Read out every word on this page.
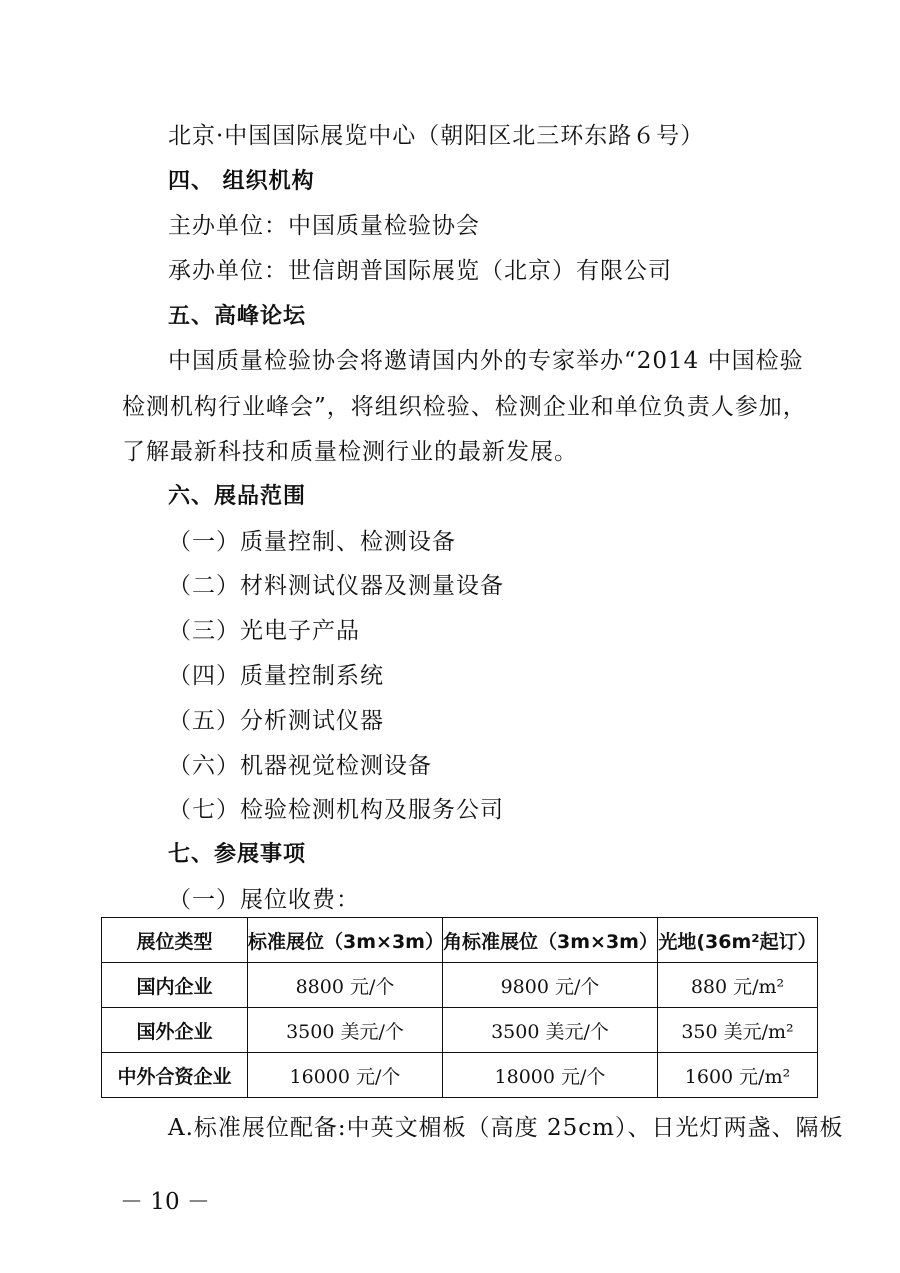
北京·中国国际展览中心（朝阳区北三环东路６号）
四、 组织机构
主办单位：中国质量检验协会
承办单位：世信朗普国际展览（北京）有限公司
五、高峰论坛
中国质量检验协会将邀请国内外的专家举办“2014 中国检验
检测机构行业峰会”，将组织检验、检测企业和单位负责人参加，
了解最新科技和质量检测行业的最新发展。
六、展品范围
（一）质量控制、检测设备
（二）材料测试仪器及测量设备
（三）光电子产品
（四）质量控制系统
（五）分析测试仪器
（六）机器视觉检测设备
（七）检验检测机构及服务公司
七、参展事项
（一）展位收费：
展位类型	标准展位（3m×3m）	角标准展位（3m×3m）	光地(36m²起订）
国内企业	8800 元/个	9800 元/个	880 元/m²
国外企业	3500 美元/个	3500 美元/个	350 美元/m²
中外合资企业	16000 元/个	18000 元/个	1600 元/m²
A.标准展位配备:中英文楣板（高度 25cm）、日光灯两盏、隔板
－ 10 －
